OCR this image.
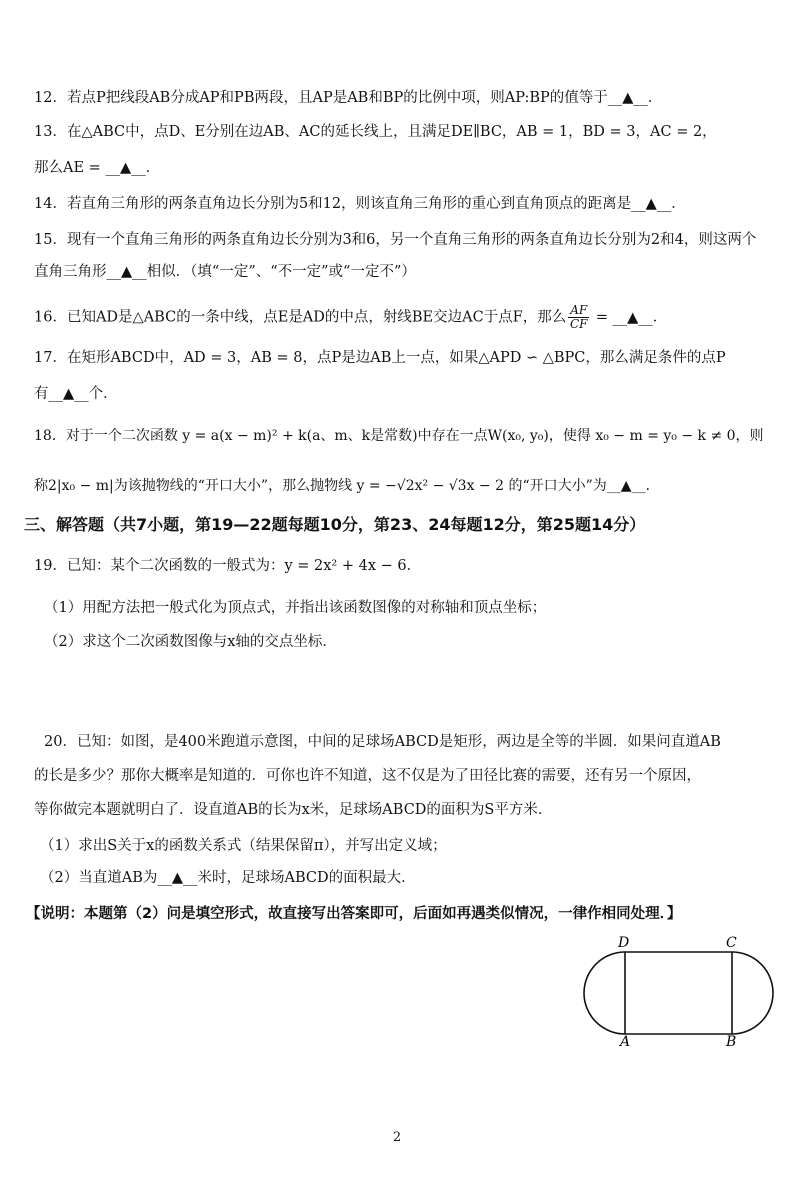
12．若点P把线段AB分成AP和PB两段，且AP是AB和BP的比例中项，则AP:BP的值等于__▲__．
13．在△ABC中，点D、E分别在边AB、AC的延长线上，且满足DE∥BC，AB = 1，BD = 3，AC = 2，
那么AE = __▲__．
14．若直角三角形的两条直角边长分别为5和12，则该直角三角形的重心到直角顶点的距离是__▲__．
15．现有一个直角三角形的两条直角边长分别为3和6，另一个直角三角形的两条直角边长分别为2和4，则这两个
直角三角形__▲__相似．（填“一定”、“不一定”或“一定不”）
16．已知AD是△ABC的一条中线，点E是AD的中点，射线BE交边AC于点F，那么 $\frac{AF}{CF}$ = __▲__．
17．在矩形ABCD中，AD = 3，AB = 8，点P是边AB上一点，如果△APD ∽ △BPC，那么满足条件的点P
有__▲__个．
18．对于一个二次函数 y = a(x − m)² + k(a、m、k是常数)中存在一点W(x₀, y₀)，使得 x₀ − m = y₀ − k ≠ 0，则
称2|x₀ − m|为该抛物线的“开口大小”，那么抛物线 y = −√2x² − √3x − 2 的“开口大小”为__▲__．
三、解答题（共7小题，第19—22题每题10分，第23、24每题12分，第25题14分）
19．已知：某个二次函数的一般式为：y = 2x² + 4x − 6．
（1）用配方法把一般式化为顶点式，并指出该函数图像的对称轴和顶点坐标；
（2）求这个二次函数图像与x轴的交点坐标．
20．已知：如图，是400米跑道示意图，中间的足球场ABCD是矩形，两边是全等的半圆．如果问直道AB
的长是多少？那你大概率是知道的．可你也许不知道，这不仅是为了田径比赛的需要，还有另一个原因，
等你做完本题就明白了．设直道AB的长为x米，足球场ABCD的面积为S平方米．
（1）求出S关于x的函数关系式（结果保留π），并写出定义域；
（2）当直道AB为__▲__米时，足球场ABCD的面积最大．
【说明：本题第（2）问是填空形式，故直接写出答案即可，后面如再遇类似情况，一律作相同处理．】
D	C
A	B
2
